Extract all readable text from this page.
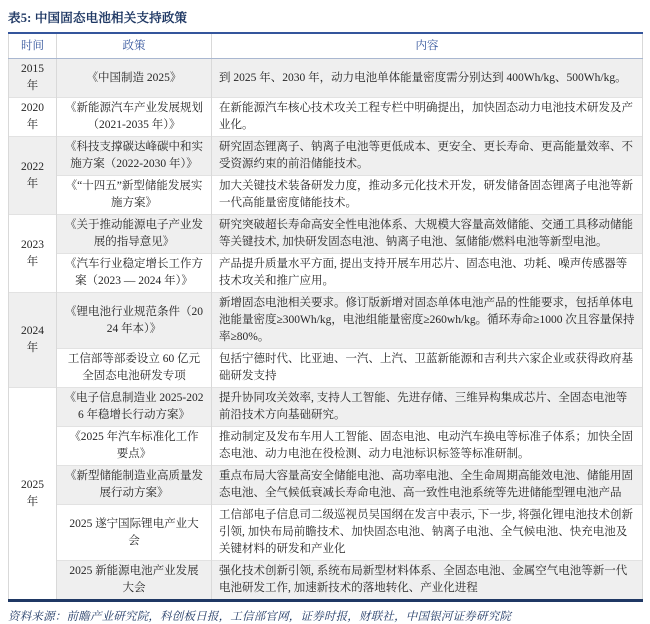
表5: 中国固态电池相关支持政策
时间	政策	内容
2015 年	《中国制造 2025》	到 2025 年、2030 年，动力电池单体能量密度需分别达到 400Wh/kg、500Wh/kg。
2020 年	《新能源汽车产业发展规划（2021-2035 年）》	在新能源汽车核心技术攻关工程专栏中明确提出，加快固态动力电池技术研发及产业化。
2022 年	《科技支撑碳达峰碳中和实施方案（2022-2030 年）》	研究固态锂离子、钠离子电池等更低成本、更安全、更长寿命、更高能量效率、不受资源约束的前沿储能技术。
	《“十四五”新型储能发展实施方案》	加大关键技术装备研发力度，推动多元化技术开发，研发储备固态锂离子电池等新一代高能量密度储能技术。
2023 年	《关于推动能源电子产业发展的指导意见》	研究突破超长寿命高安全性电池体系、大规模大容量高效储能、交通工具移动储能等关键技术, 加快研发固态电池、钠离子电池、氢储能/燃料电池等新型电池。
	《汽车行业稳定增长工作方案（2023 — 2024 年）》	产品提升质量水平方面, 提出支持开展车用芯片、固态电池、功耗、噪声传感器等技术攻关和推广应用。
2024 年	《锂电池行业规范条件（2024 年本）》	新增固态电池相关要求。修订版新增对固态单体电池产品的性能要求，包括单体电池能量密度≥300Wh/kg，电池组能量密度≥260wh/kg。循环寿命≥1000 次且容量保持率≥80%。
	工信部等部委设立 60 亿元全固态电池研发专项	包括宁德时代、比亚迪、一汽、上汽、卫蓝新能源和吉利共六家企业或获得政府基础研发支持
2025 年	《电子信息制造业 2025-2026 年稳增长行动方案》	提升协同攻关效率, 支持人工智能、先进存储、三维异构集成芯片、全固态电池等前沿技术方向基础研究。
	《2025 年汽车标准化工作要点》	推动制定及发布车用人工智能、固态电池、电动汽车换电等标准子体系；加快全固态电池、动力电池在役检测、动力电池标识标签等标准研制。
	《新型储能制造业高质量发展行动方案》	重点布局大容量高安全储能电池、高功率电池、全生命周期高能效电池、储能用固态电池、全气候低衰减长寿命电池、高一致性电池系统等先进储能型锂电池产品
	2025 遂宁国际锂电产业大会	工信部电子信息司二级巡视员吴国纲在发言中表示, 下一步, 将强化锂电池技术创新引领, 加快布局前瞻技术、加快固态电池、钠离子电池、全气候电池、快充电池及关键材料的研发和产业化
	2025 新能源电池产业发展大会	强化技术创新引领, 系统布局新型材料体系、全固态电池、金属空气电池等新一代电池研发工作, 加速新技术的落地转化、产业化进程
资料来源：前瞻产业研究院，科创板日报，工信部官网，证券时报，财联社，中国银河证券研究院
